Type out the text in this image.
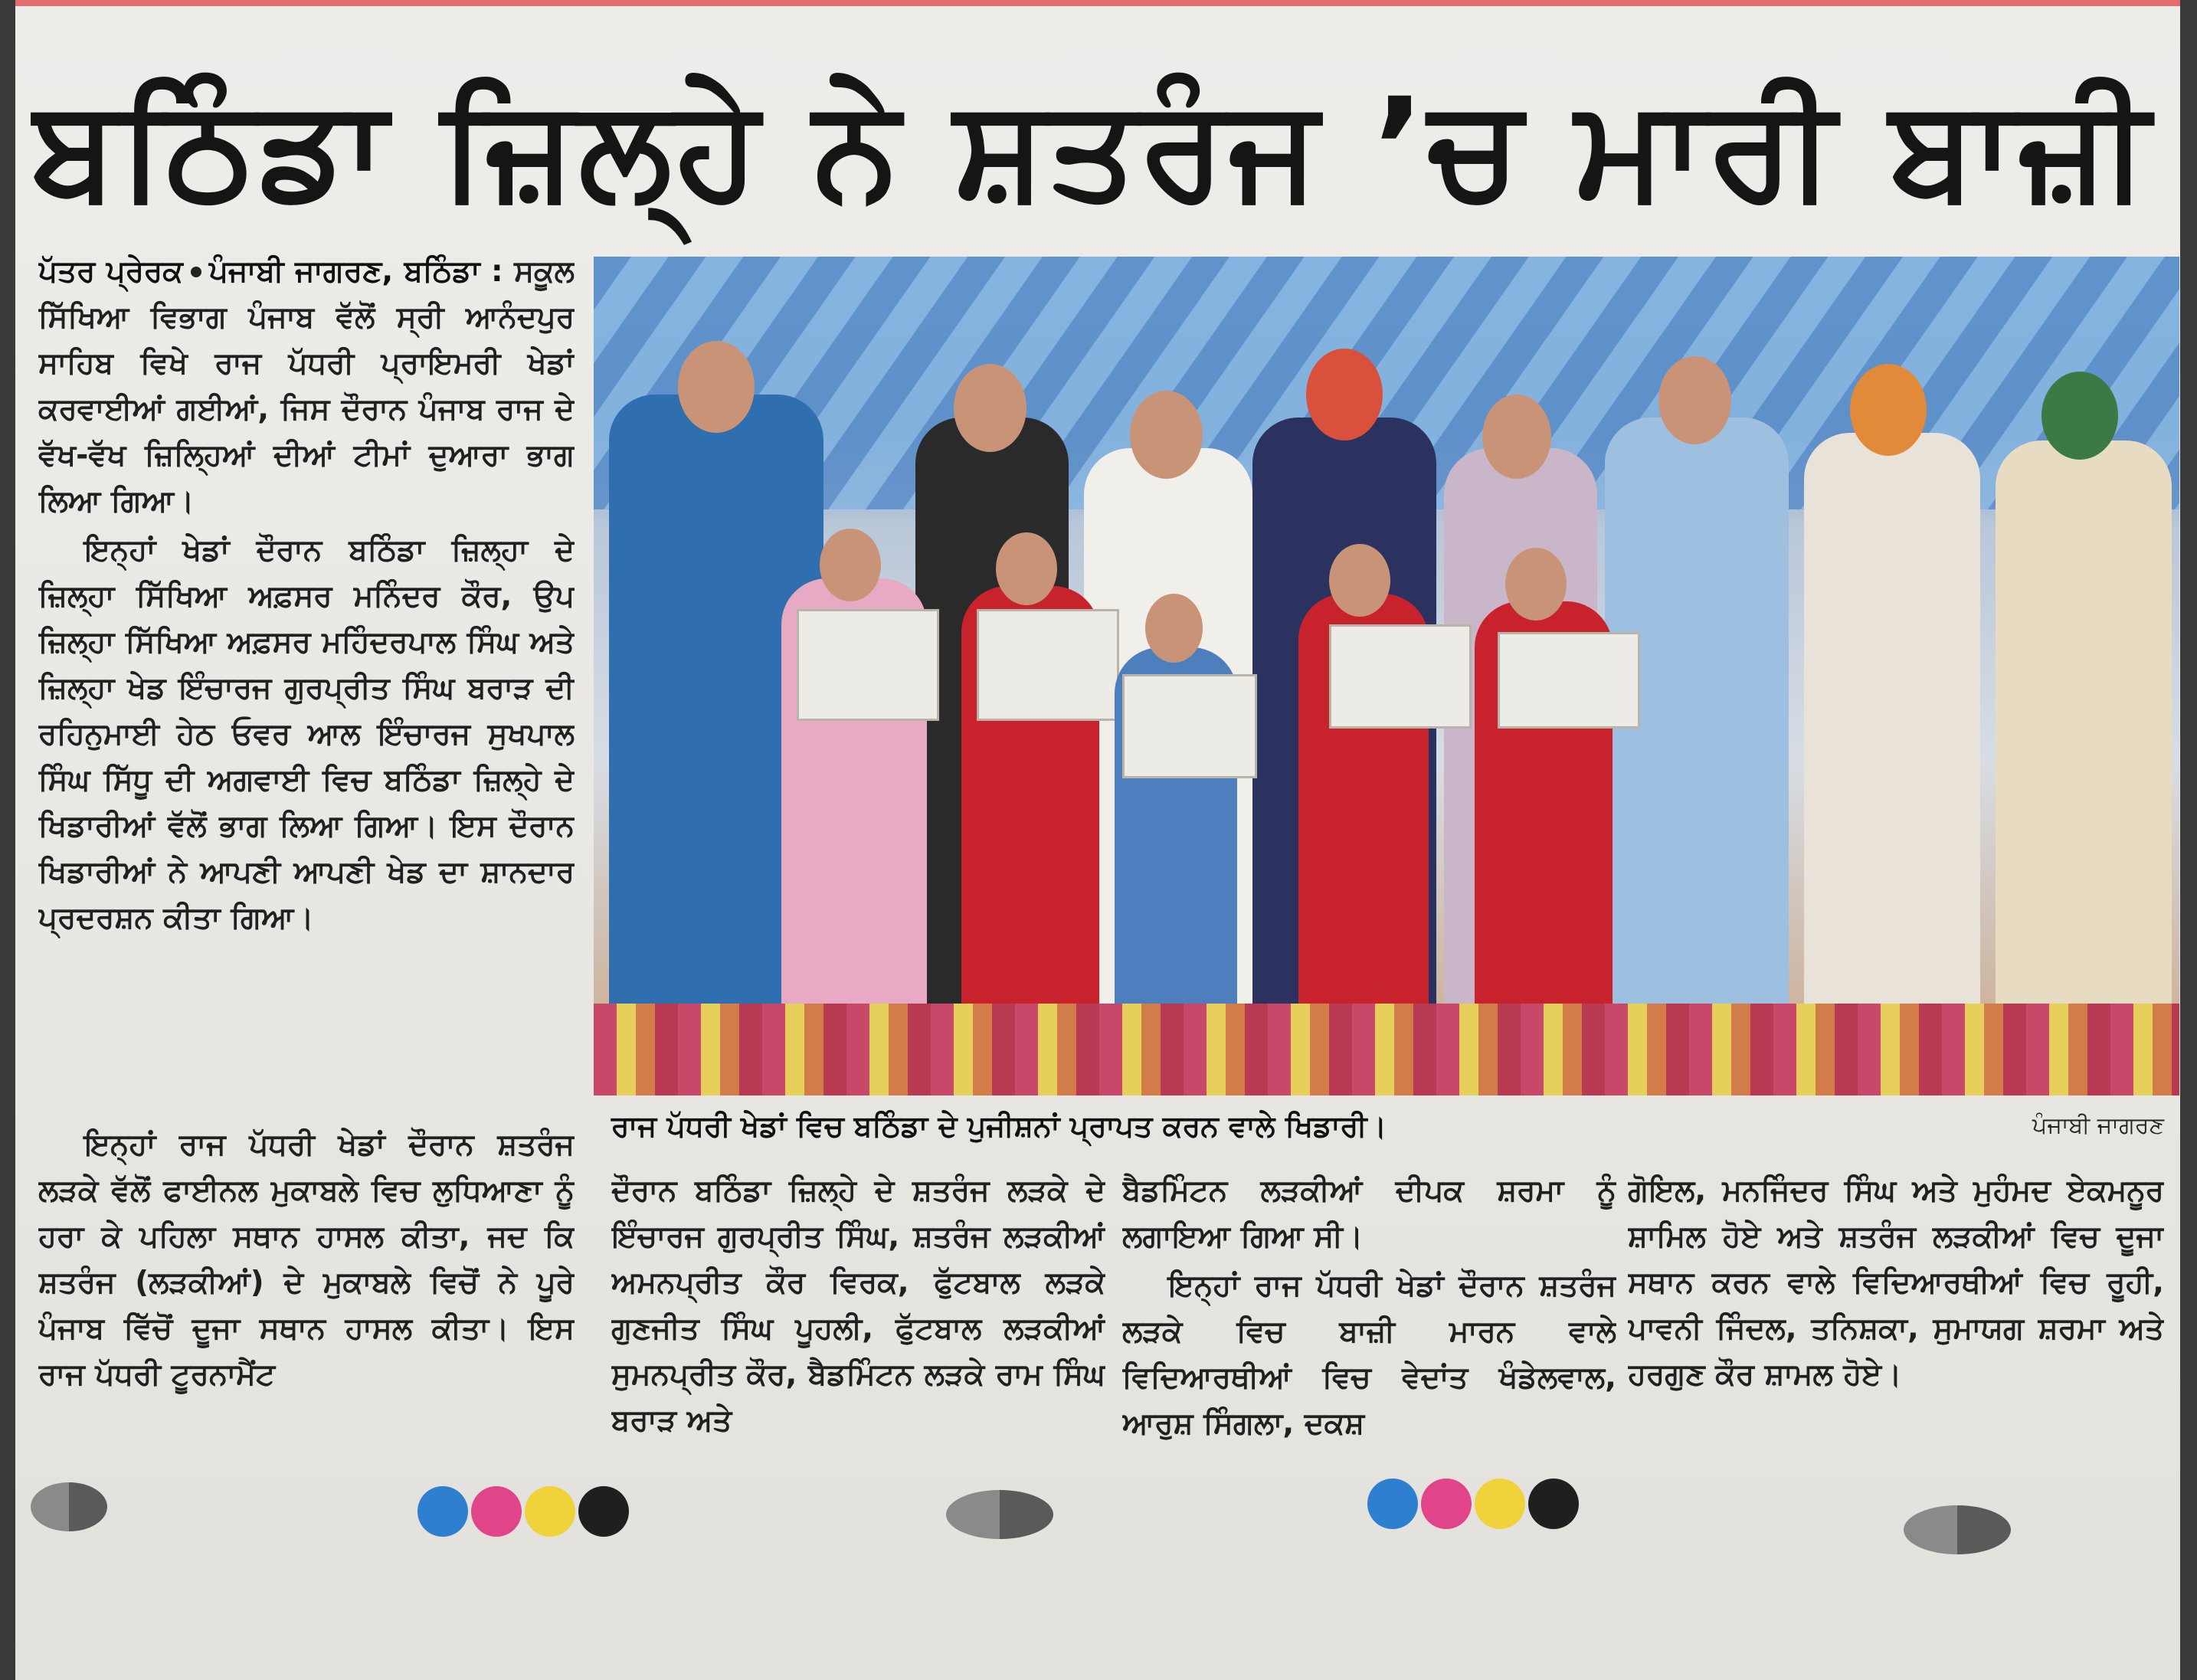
ਬਠਿੰਡਾ ਜ਼ਿਲ੍ਹੇ ਨੇ ਸ਼ਤਰੰਜ ’ਚ ਮਾਰੀ ਬਾਜ਼ੀ

ਪੱਤਰ ਪ੍ਰੇਰਕ ਪੰਜਾਬੀ ਜਾਗਰਣ, ਬਠਿੰਡਾ : ਸਕੂਲ ਸਿੱਖਿਆ ਵਿਭਾਗ ਪੰਜਾਬ ਵੱਲੋਂ ਸ੍ਰੀ ਆਨੰਦਪੁਰ ਸਾਹਿਬ ਵਿਖੇ ਰਾਜ ਪੱਧਰੀ ਪ੍ਰਾਇਮਰੀ ਖੇਡਾਂ ਕਰਵਾਈਆਂ ਗਈਆਂ, ਜਿਸ ਦੌਰਾਨ ਪੰਜਾਬ ਰਾਜ ਦੇ ਵੱਖ-ਵੱਖ ਜ਼ਿਲ੍ਹਿਆਂ ਦੀਆਂ ਟੀਮਾਂ ਦੁਆਰਾ ਭਾਗ ਲਿਆ ਗਿਆ।

ਇਨ੍ਹਾਂ ਖੇਡਾਂ ਦੌਰਾਨ ਬਠਿੰਡਾ ਜ਼ਿਲ੍ਹਾ ਦੇ ਜ਼ਿਲ੍ਹਾ ਸਿੱਖਿਆ ਅਫ਼ਸਰ ਮਨਿੰਦਰ ਕੌਰ, ਉਪ ਜ਼ਿਲ੍ਹਾ ਸਿੱਖਿਆ ਅਫ਼ਸਰ ਮਹਿੰਦਰਪਾਲ ਸਿੰਘ ਅਤੇ ਜ਼ਿਲ੍ਹਾ ਖੇਡ ਇੰਚਾਰਜ ਗੁਰਪ੍ਰੀਤ ਸਿੰਘ ਬਰਾੜ ਦੀ ਰਹਿਨੁਮਾਈ ਹੇਠ ਓਵਰ ਆਲ ਇੰਚਾਰਜ ਸੁਖਪਾਲ ਸਿੰਘ ਸਿੱਧੂ ਦੀ ਅਗਵਾਈ ਵਿਚ ਬਠਿੰਡਾ ਜ਼ਿਲ੍ਹੇ ਦੇ ਖਿਡਾਰੀਆਂ ਵੱਲੋਂ ਭਾਗ ਲਿਆ ਗਿਆ। ਇਸ ਦੌਰਾਨ ਖਿਡਾਰੀਆਂ ਨੇ ਆਪਣੀ ਆਪਣੀ ਖੇਡ ਦਾ ਸ਼ਾਨਦਾਰ ਪ੍ਰਦਰਸ਼ਨ ਕੀਤਾ ਗਿਆ।

ਇਨ੍ਹਾਂ ਰਾਜ ਪੱਧਰੀ ਖੇਡਾਂ ਦੌਰਾਨ ਸ਼ਤਰੰਜ ਲੜਕੇ ਵੱਲੋਂ ਫਾਈਨਲ ਮੁਕਾਬਲੇ ਵਿਚ ਲੁਧਿਆਣਾ ਨੂੰ ਹਰਾ ਕੇ ਪਹਿਲਾ ਸਥਾਨ ਹਾਸਲ ਕੀਤਾ, ਜਦ ਕਿ ਸ਼ਤਰੰਜ (ਲੜਕੀਆਂ) ਦੇ ਮੁਕਾਬਲੇ ਵਿਚੋਂ ਨੇ ਪੂਰੇ ਪੰਜਾਬ ਵਿੱਚੋਂ ਦੂਜਾ ਸਥਾਨ ਹਾਸਲ ਕੀਤਾ। ਇਸ ਰਾਜ ਪੱਧਰੀ ਟੂਰਨਾਮੈਂਟ

ਰਾਜ ਪੱਧਰੀ ਖੇਡਾਂ ਵਿਚ ਬਠਿੰਡਾ ਦੇ ਪੁਜੀਸ਼ਨਾਂ ਪ੍ਰਾਪਤ ਕਰਨ ਵਾਲੇ ਖਿਡਾਰੀ।	ਪੰਜਾਬੀ ਜਾਗਰਣ

ਦੌਰਾਨ ਬਠਿੰਡਾ ਜ਼ਿਲ੍ਹੇ ਦੇ ਸ਼ਤਰੰਜ ਲੜਕੇ ਦੇ ਇੰਚਾਰਜ ਗੁਰਪ੍ਰੀਤ ਸਿੰਘ, ਸ਼ਤਰੰਜ ਲੜਕੀਆਂ ਅਮਨਪ੍ਰੀਤ ਕੌਰ ਵਿਰਕ, ਫੁੱਟਬਾਲ ਲੜਕੇ ਗੁਣਜੀਤ ਸਿੰਘ ਪੂਹਲੀ, ਫੁੱਟਬਾਲ ਲੜਕੀਆਂ ਸੁਮਨਪ੍ਰੀਤ ਕੌਰ, ਬੈਡਮਿੰਟਨ ਲੜਕੇ ਰਾਮ ਸਿੰਘ ਬਰਾੜ ਅਤੇ

ਬੈਡਮਿੰਟਨ ਲੜਕੀਆਂ ਦੀਪਕ ਸ਼ਰਮਾ ਨੂੰ ਲਗਾਇਆ ਗਿਆ ਸੀ।

ਇਨ੍ਹਾਂ ਰਾਜ ਪੱਧਰੀ ਖੇਡਾਂ ਦੌਰਾਨ ਸ਼ਤਰੰਜ ਲੜਕੇ ਵਿਚ ਬਾਜ਼ੀ ਮਾਰਨ ਵਾਲੇ ਵਿਦਿਆਰਥੀਆਂ ਵਿਚ ਵੇਦਾਂਤ ਖੰਡੇਲਵਾਲ, ਆਰੁਸ਼ ਸਿੰਗਲਾ, ਦਕਸ਼

ਗੋਇਲ, ਮਨਜਿੰਦਰ ਸਿੰਘ ਅਤੇ ਮੁਹੰਮਦ ਏਕਮਨੂਰ ਸ਼ਾਮਿਲ ਹੋਏ ਅਤੇ ਸ਼ਤਰੰਜ ਲੜਕੀਆਂ ਵਿਚ ਦੂਜਾ ਸਥਾਨ ਕਰਨ ਵਾਲੇ ਵਿਦਿਆਰਥੀਆਂ ਵਿਚ ਰੂਹੀ, ਪਾਵਨੀ ਜਿੰਦਲ, ਤਨਿਸ਼ਕਾ, ਸੁਮਾਯਗ ਸ਼ਰਮਾ ਅਤੇ ਹਰਗੁਣ ਕੌਰ ਸ਼ਾਮਲ ਹੋਏ।
